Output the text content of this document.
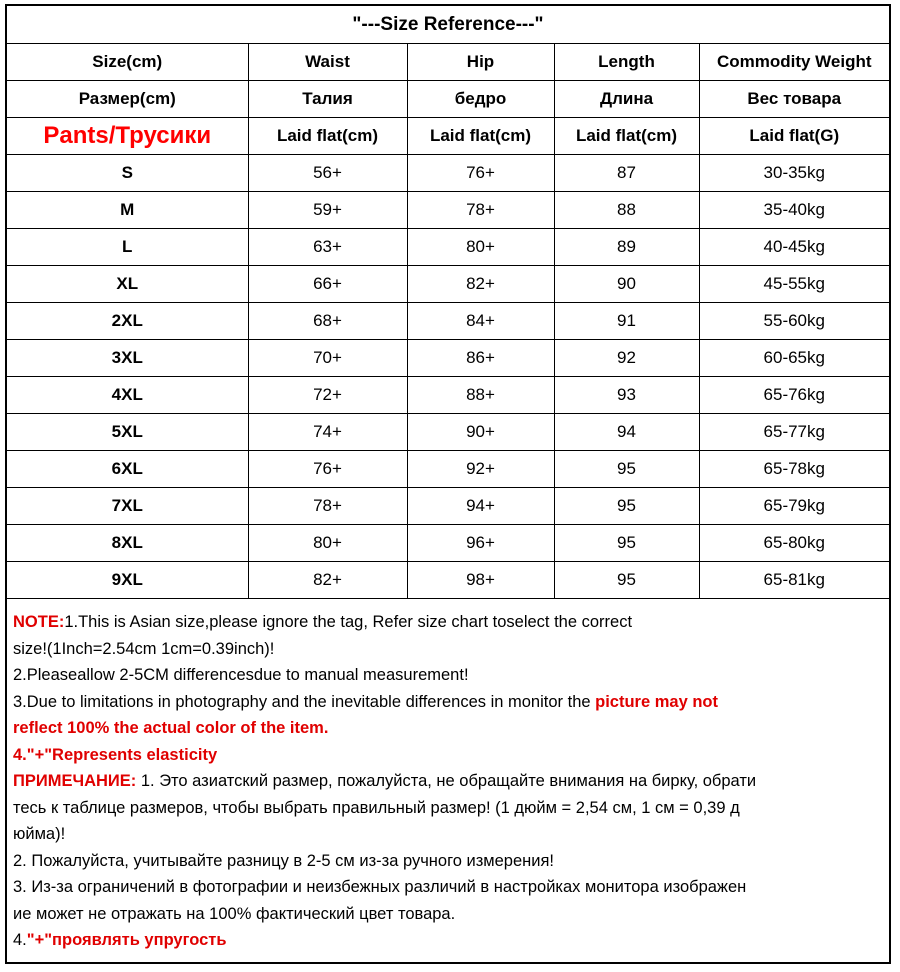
"---Size Reference---"				
Size(cm)	Waist	Hip	Length	Commodity Weight
Размер(cm)	Талия	бедро	Длина	Вес товара
Pants/Трусики	Laid flat(cm)	Laid flat(cm)	Laid flat(cm)	Laid flat(G)
S	56+	76+	87	30-35kg
M	59+	78+	88	35-40kg
L	63+	80+	89	40-45kg
XL	66+	82+	90	45-55kg
2XL	68+	84+	91	55-60kg
3XL	70+	86+	92	60-65kg
4XL	72+	88+	93	65-76kg
5XL	74+	90+	94	65-77kg
6XL	76+	92+	95	65-78kg
7XL	78+	94+	95	65-79kg
8XL	80+	96+	95	65-80kg
9XL	82+	98+	95	65-81kg
NOTE:1.This is Asian size,please ignore the tag, Refer size chart toselect the correct
size!(1Inch=2.54cm 1cm=0.39inch)!
2.Pleaseallow 2-5CM differencesdue to manual measurement!
3.Due to limitations in photography and the inevitable differences in monitor the picture may not
reflect 100% the actual color of the item.
4."+"Represents elasticity
ПРИМЕЧАНИЕ: 1. Это азиатский размер, пожалуйста, не обращайте внимания на бирку, обрати
тесь к таблице размеров, чтобы выбрать правильный размер! (1 дюйм = 2,54 см, 1 см = 0,39 д
юйма)!
2. Пожалуйста, учитывайте разницу в 2-5 см из-за ручного измерения!
3. Из-за ограничений в фотографии и неизбежных различий в настройках монитора изображен
ие может не отражать на 100% фактический цвет товара.
4."+"проявлять упругость
